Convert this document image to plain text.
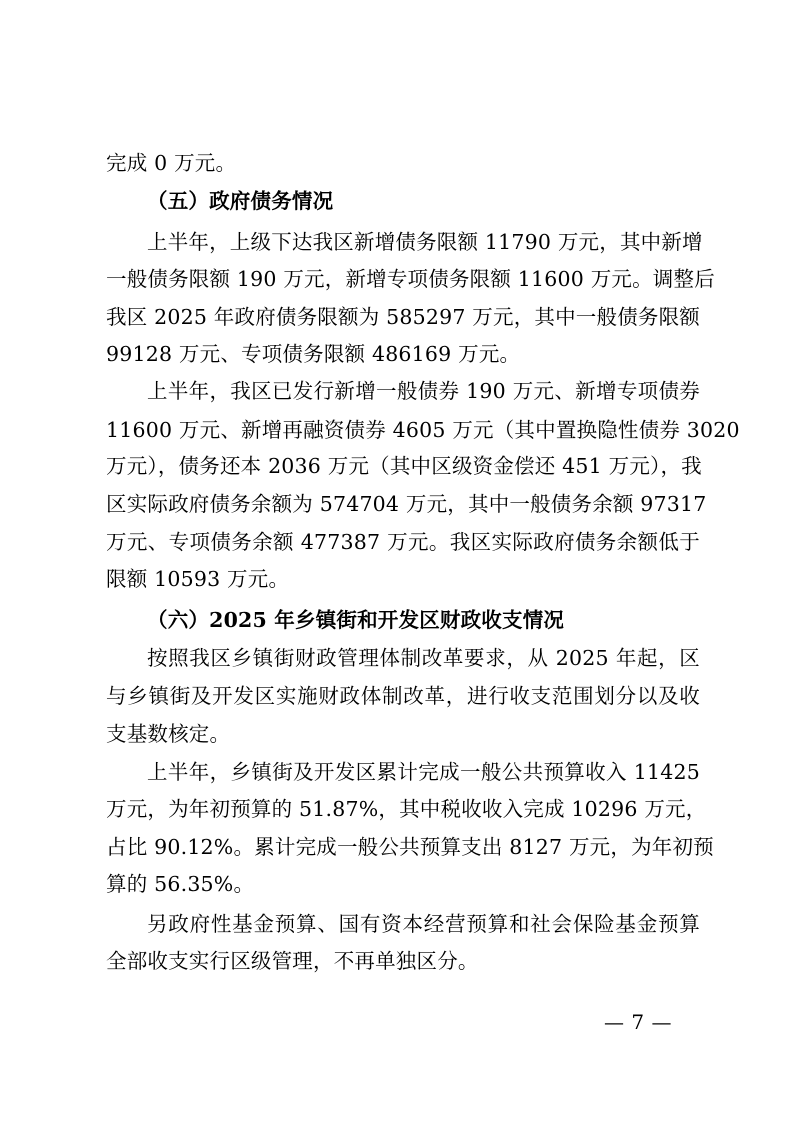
完成 0 万元。
（五）政府债务情况
上半年，上级下达我区新增债务限额 11790 万元，其中新增
一般债务限额 190 万元，新增专项债务限额 11600 万元。调整后
我区 2025 年政府债务限额为 585297 万元，其中一般债务限额
99128 万元、专项债务限额 486169 万元。
上半年，我区已发行新增一般债券 190 万元、新增专项债券
11600 万元、新增再融资债券 4605 万元（其中置换隐性债券 3020
万元），债务还本 2036 万元（其中区级资金偿还 451 万元），我
区实际政府债务余额为 574704 万元，其中一般债务余额 97317
万元、专项债务余额 477387 万元。我区实际政府债务余额低于
限额 10593 万元。
（六）2025 年乡镇街和开发区财政收支情况
按照我区乡镇街财政管理体制改革要求，从 2025 年起，区
与乡镇街及开发区实施财政体制改革，进行收支范围划分以及收
支基数核定。
上半年，乡镇街及开发区累计完成一般公共预算收入 11425
万元，为年初预算的 51.87%，其中税收收入完成 10296 万元，
占比 90.12%。累计完成一般公共预算支出 8127 万元，为年初预
算的 56.35%。
另政府性基金预算、国有资本经营预算和社会保险基金预算
全部收支实行区级管理，不再单独区分。
— 7 —
